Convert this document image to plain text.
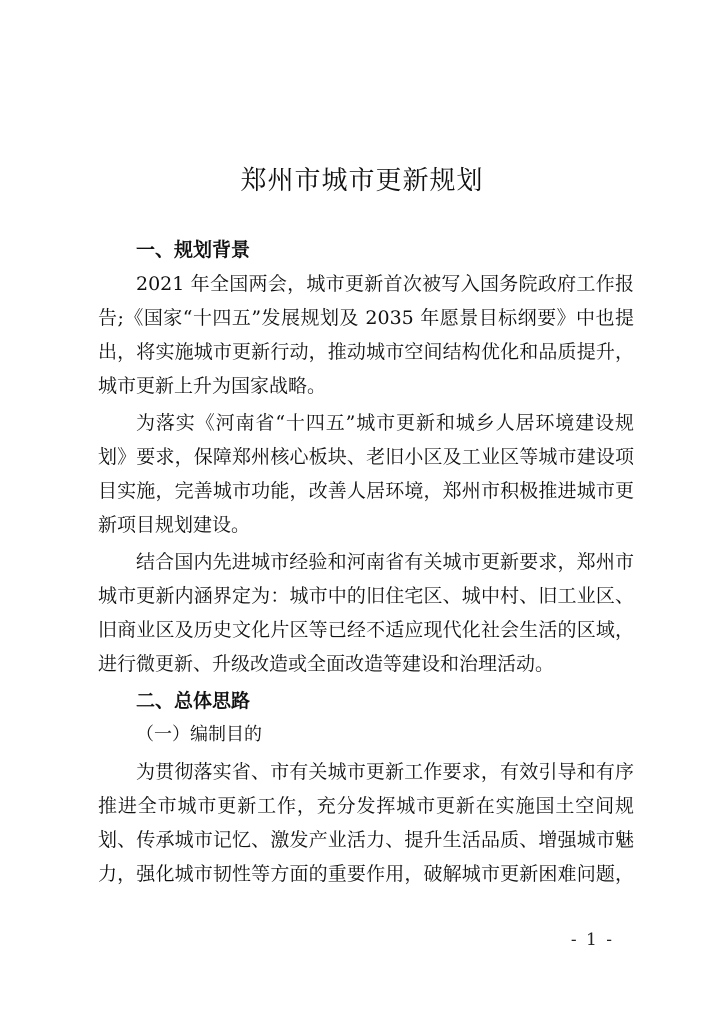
郑州市城市更新规划
一、规划背景
2021 年全国两会，城市更新首次被写入国务院政府工作报
告;《国家“十四五”发展规划及 2035 年愿景目标纲要》中也提
出，将实施城市更新行动，推动城市空间结构优化和品质提升，
城市更新上升为国家战略。
为落实《河南省“十四五”城市更新和城乡人居环境建设规
划》要求，保障郑州核心板块、老旧小区及工业区等城市建设项
目实施，完善城市功能，改善人居环境，郑州市积极推进城市更
新项目规划建设。
结合国内先进城市经验和河南省有关城市更新要求，郑州市
城市更新内涵界定为：城市中的旧住宅区、城中村、旧工业区、
旧商业区及历史文化片区等已经不适应现代化社会生活的区域，
进行微更新、升级改造或全面改造等建设和治理活动。
二、总体思路
（一）编制目的
为贯彻落实省、市有关城市更新工作要求，有效引导和有序
推进全市城市更新工作，充分发挥城市更新在实施国土空间规
划、传承城市记忆、激发产业活力、提升生活品质、增强城市魅
力，强化城市韧性等方面的重要作用，破解城市更新困难问题，
- 1 -
